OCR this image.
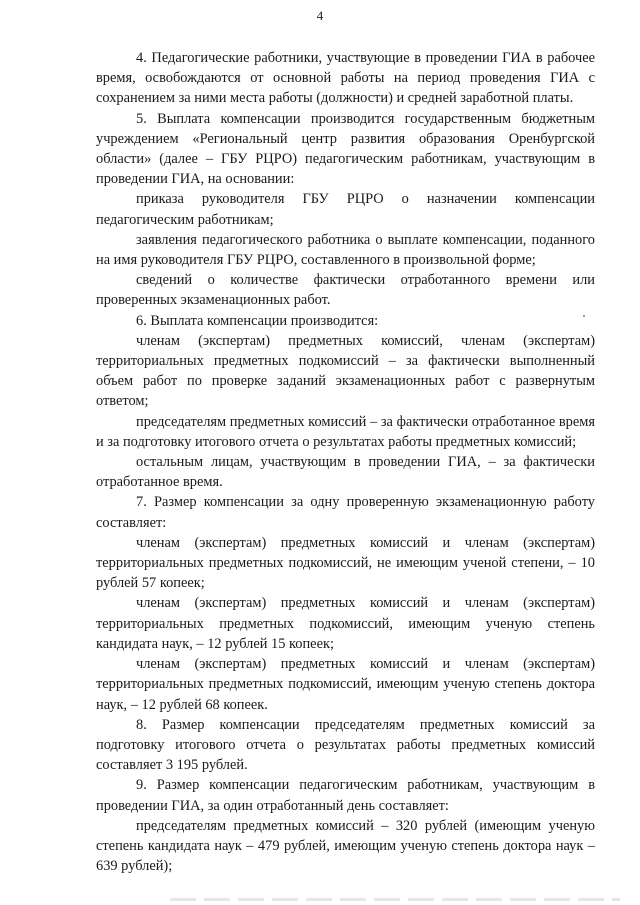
4

4. Педагогические работники, участвующие в проведении ГИА в рабочее время, освобождаются от основной работы на период проведения ГИА с сохранением за ними места работы (должности) и средней заработной платы.

5. Выплата компенсации производится государственным бюджетным учреждением «Региональный центр развития образования Оренбургской области» (далее – ГБУ РЦРО) педагогическим работникам, участвующим в проведении ГИА, на основании:

приказа руководителя ГБУ РЦРО о назначении компенсации педагогическим работникам;

заявления педагогического работника о выплате компенсации, поданного на имя руководителя ГБУ РЦРО, составленного в произвольной форме;

сведений о количестве фактически отработанного времени или проверенных экзаменационных работ.

6. Выплата компенсации производится:

членам (экспертам) предметных комиссий, членам (экспертам) территориальных предметных подкомиссий – за фактически выполненный объем работ по проверке заданий экзаменационных работ с развернутым ответом;

председателям предметных комиссий – за фактически отработанное время и за подготовку итогового отчета о результатах работы предметных комиссий;

остальным лицам, участвующим в проведении ГИА, – за фактически отработанное время.

7. Размер компенсации за одну проверенную экзаменационную работу составляет:

членам (экспертам) предметных комиссий и членам (экспертам) территориальных предметных подкомиссий, не имеющим ученой степени, – 10 рублей 57 копеек;

членам (экспертам) предметных комиссий и членам (экспертам) территориальных предметных подкомиссий, имеющим ученую степень кандидата наук, – 12 рублей 15 копеек;

членам (экспертам) предметных комиссий и членам (экспертам) территориальных предметных подкомиссий, имеющим ученую степень доктора наук, – 12 рублей 68 копеек.

8. Размер компенсации председателям предметных комиссий за подготовку итогового отчета о результатах работы предметных комиссий составляет 3 195 рублей.

9. Размер компенсации педагогическим работникам, участвующим в проведении ГИА, за один отработанный день составляет:

председателям предметных комиссий – 320 рублей (имеющим ученую степень кандидата наук – 479 рублей, имеющим ученую степень доктора наук – 639 рублей);
